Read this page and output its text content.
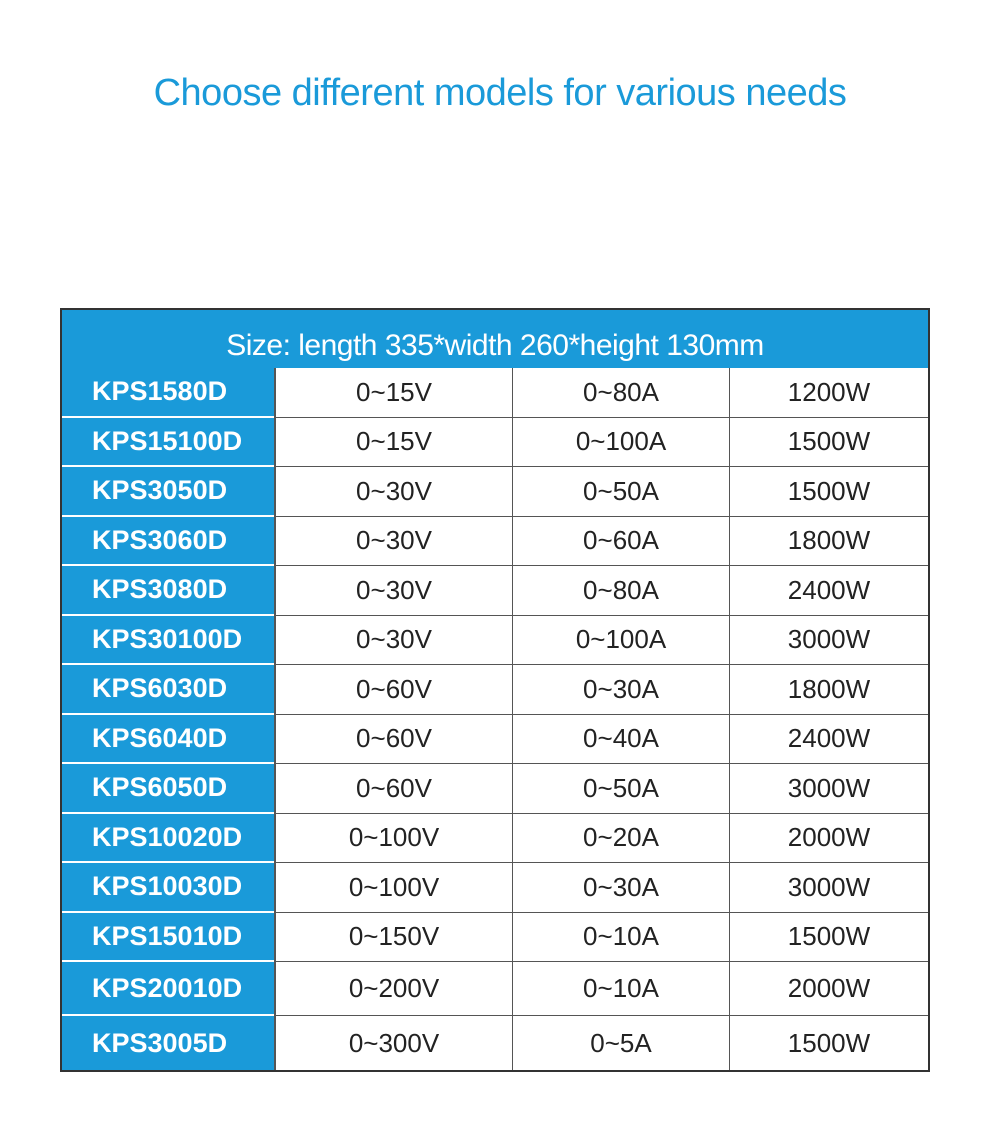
Choose different models for various needs
Size: length 335*width 260*height 130mm
KPS1580D	0~15V	0~80A	1200W
KPS15100D	0~15V	0~100A	1500W
KPS3050D	0~30V	0~50A	1500W
KPS3060D	0~30V	0~60A	1800W
KPS3080D	0~30V	0~80A	2400W
KPS30100D	0~30V	0~100A	3000W
KPS6030D	0~60V	0~30A	1800W
KPS6040D	0~60V	0~40A	2400W
KPS6050D	0~60V	0~50A	3000W
KPS10020D	0~100V	0~20A	2000W
KPS10030D	0~100V	0~30A	3000W
KPS15010D	0~150V	0~10A	1500W
KPS20010D	0~200V	0~10A	2000W
KPS3005D	0~300V	0~5A	1500W
